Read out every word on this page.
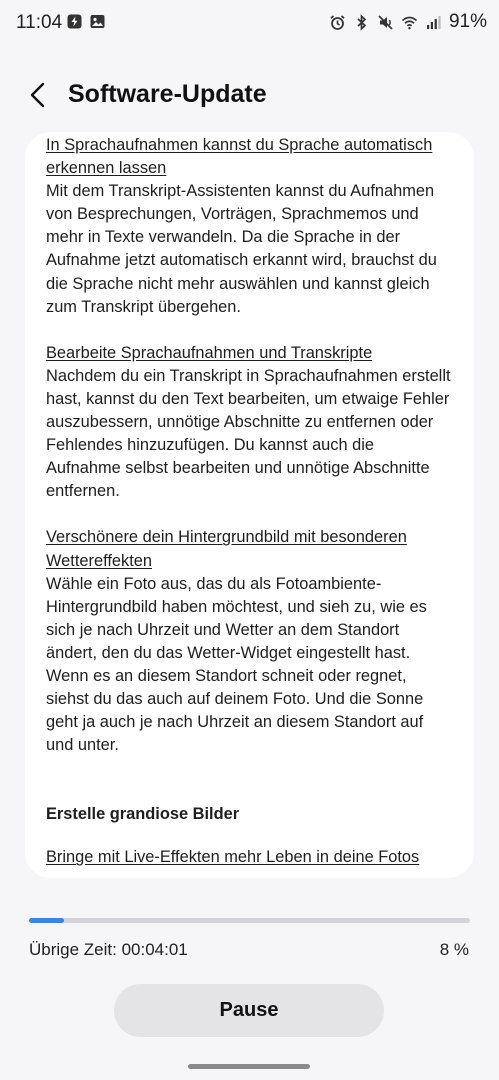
11:04	91%
Software-Update
In Sprachaufnahmen kannst du Sprache automatisch erkennen lassen
Mit dem Transkript-Assistenten kannst du Aufnahmen von Besprechungen, Vorträgen, Sprachmemos und mehr in Texte verwandeln. Da die Sprache in der Aufnahme jetzt automatisch erkannt wird, brauchst du die Sprache nicht mehr auswählen und kannst gleich zum Transkript übergehen.
Bearbeite Sprachaufnahmen und Transkripte
Nachdem du ein Transkript in Sprachaufnahmen erstellt hast, kannst du den Text bearbeiten, um etwaige Fehler auszubessern, unnötige Abschnitte zu entfernen oder Fehlendes hinzuzufügen. Du kannst auch die Aufnahme selbst bearbeiten und unnötige Abschnitte entfernen.
Verschönere dein Hintergrundbild mit besonderen Wettereffekten
Wähle ein Foto aus, das du als Fotoambiente-Hintergrundbild haben möchtest, und sieh zu, wie es sich je nach Uhrzeit und Wetter an dem Standort ändert, den du das Wetter-Widget eingestellt hast. Wenn es an diesem Standort schneit oder regnet, siehst du das auch auf deinem Foto. Und die Sonne geht ja auch je nach Uhrzeit an diesem Standort auf und unter.
Erstelle grandiose Bilder
Bringe mit Live-Effekten mehr Leben in deine Fotos
Übrige Zeit: 00:04:01	8 %
Pause
